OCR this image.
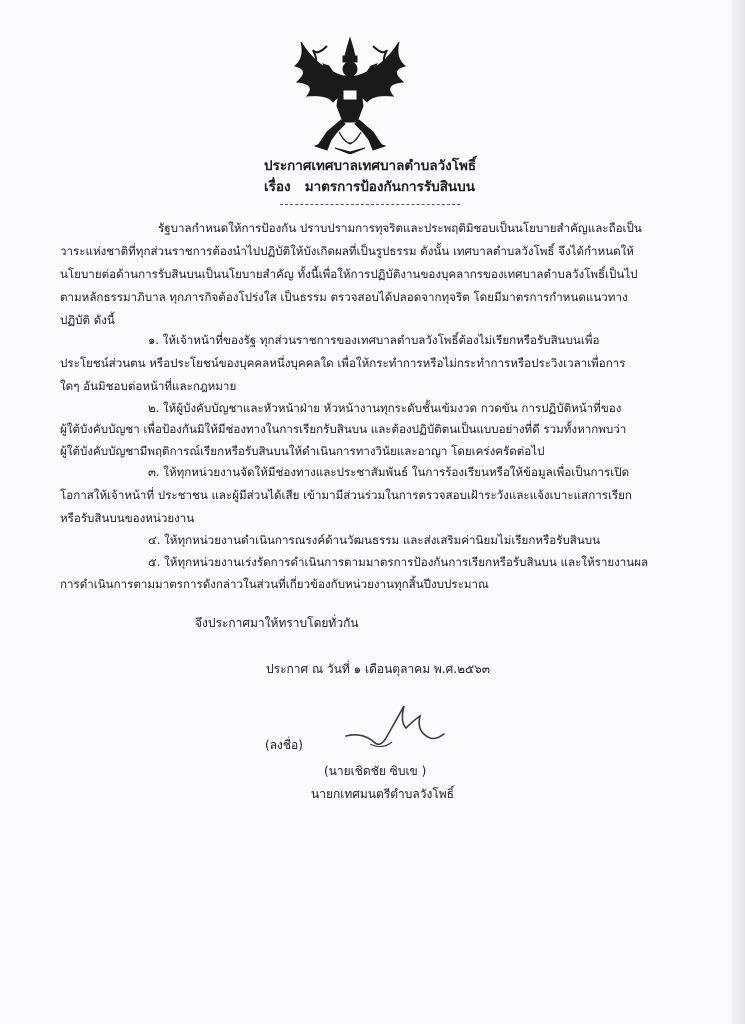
ประกาศเทศบาลเทศบาลตำบลวังโพธิ์
เรื่อง มาตรการป้องกันการรับสินบน
รัฐบาลกำหนดให้การป้องกัน ปราบปรามการทุจริตและประพฤติมิชอบเป็นนโยบายสำคัญและถือเป็น
วาระแห่งชาติที่ทุกส่วนราชการต้องนำไปปฏิบัติให้บังเกิดผลที่เป็นรูปธรรม ดังนั้น เทศบาลตำบลวังโพธิ์ จึงได้กำหนดให้
นโยบายต่อด้านการรับสินบนเป็นนโยบายสำคัญ ทั้งนี้เพื่อให้การปฏิบัติงานของบุคลากรของเทศบาลตำบลวังโพธิ์เป็นไป
ตามหลักธรรมาภิบาล ทุกภารกิจต้องโปร่งใส เป็นธรรม ตรวจสอบได้ปลอดจากทุจริต โดยมีมาตรการกำหนดแนวทาง
ปฏิบัติ ดังนี้
๑. ให้เจ้าหน้าที่ของรัฐ ทุกส่วนราชการของเทศบาลตำบลวังโพธิ์ต้องไม่เรียกหรือรับสินบนเพื่อ
ประโยชน์ส่วนตน หรือประโยชน์ของบุคคลหนึ่งบุคคลใด เพื่อให้กระทำการหรือไม่กระทำการหรือประวิงเวลาเพื่อการ
ใดๆ อันมิชอบต่อหน้าที่และกฎหมาย
๒. ให้ผู้บังคับบัญชาและหัวหน้าฝ่าย หัวหน้างานทุกระดับชั้นเข้มงวด กวดขัน การปฏิบัติหน้าที่ของ
ผู้ใต้บังคับบัญชา เพื่อป้องกันมิให้มีช่องทางในการเรียกรับสินบน และต้องปฏิบัติตนเป็นแบบอย่างที่ดี รวมทั้งหากพบว่า
ผู้ใต้บังคับบัญชามีพฤติการณ์เรียกหรือรับสินบนให้ดำเนินการทางวินัยและอาญา โดยเคร่งครัดต่อไป
๓. ให้ทุกหน่วยงานจัดให้มีช่องทางและประชาสัมพันธ์ ในการร้องเรียนหรือให้ข้อมูลเพื่อเป็นการเปิด
โอกาสให้เจ้าหน้าที่ ประชาชน และผู้มีส่วนได้เสีย เข้ามามีส่วนร่วมในการตรวจสอบเฝ้าระวังและแจ้งเบาะแสการเรียก
หรือรับสินบนของหน่วยงาน
๔. ให้ทุกหน่วยงานดำเนินการณรงค์ด้านวัฒนธรรม และส่งเสริมค่านิยมไม่เรียกหรือรับสินบน
๕. ให้ทุกหน่วยงานเร่งรัดการดำเนินการตามมาตรการป้องกันการเรียกหรือรับสินบน และให้รายงานผล
การดำเนินการตามมาตรการดังกล่าวในส่วนที่เกี่ยวข้องกับหน่วยงานทุกสิ้นปีงบประมาณ
จึงประกาศมาให้ทราบโดยทั่วกัน
ประกาศ ณ วันที่ ๑ เดือนตุลาคม พ.ศ.๒๕๖๓
(ลงชื่อ)
(นายเชิดชัย ซิบเข )
นายกเทศมนตรีตำบลวังโพธิ์
